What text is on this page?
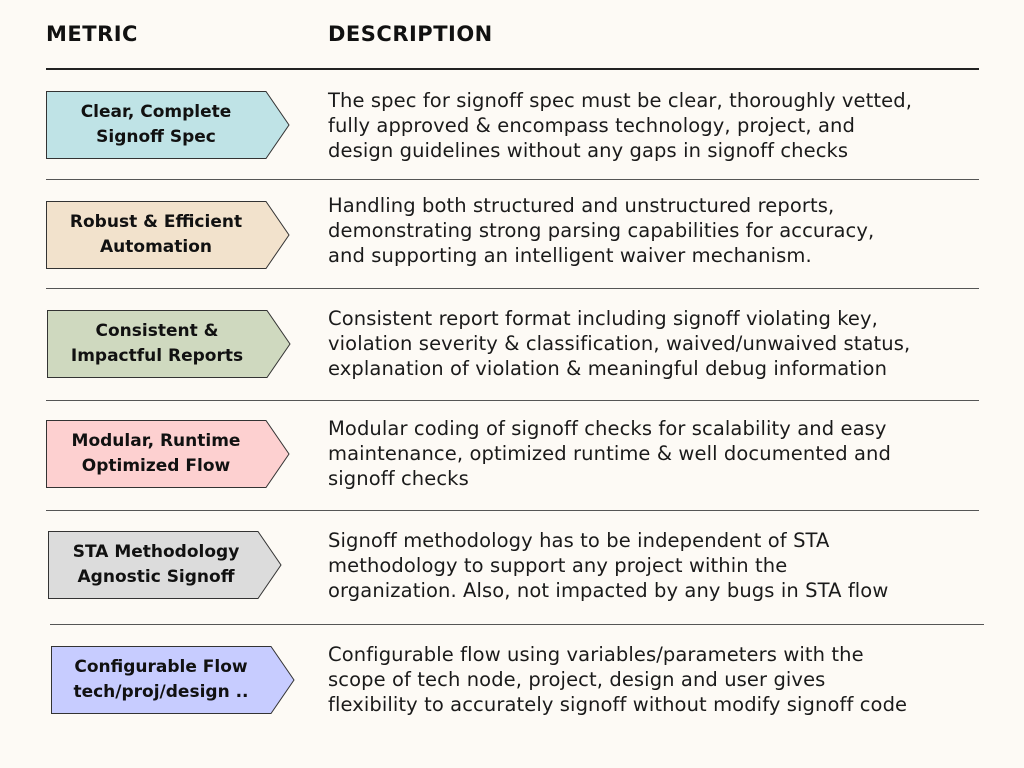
METRIC	DESCRIPTION
Clear, Complete
Signoff Spec
The spec for signoff spec must be clear, thoroughly vetted,
fully approved & encompass technology, project, and
design guidelines without any gaps in signoff checks
Robust & Efficient
Automation
Handling both structured and unstructured reports,
demonstrating strong parsing capabilities for accuracy,
and supporting an intelligent waiver mechanism.
Consistent &
Impactful Reports
Consistent report format including signoff violating key,
violation severity & classification, waived/unwaived status,
explanation of violation & meaningful debug information
Modular, Runtime
Optimized Flow
Modular coding of signoff checks for scalability and easy
maintenance, optimized runtime & well documented and
signoff checks
STA Methodology
Agnostic Signoff
Signoff methodology has to be independent of STA
methodology to support any project within the
organization. Also, not impacted by any bugs in STA flow
Configurable Flow
tech/proj/design ..
Configurable flow using variables/parameters with the
scope of tech node, project, design and user gives
flexibility to accurately signoff without modify signoff code
